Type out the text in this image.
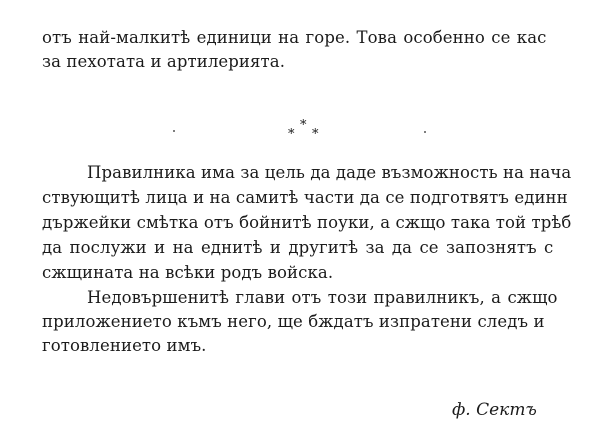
отъ най-малкитѣ единици на горе. Това особенно се кас
за пехотата и артилерията.
*
*
*
Правилника има за цель да даде възможность на нача
ствующитѣ лица и на самитѣ части да се подготвятъ единн
държейки смѣтка отъ бойнитѣ поуки, а сжщо така той трѣб
да послужи и на еднитѣ и другитѣ за да се запознятъ с
сжщината на всѣки родъ войска.
Недовършенитѣ глави отъ този правилникъ, а сжщо
приложението къмъ него, ще бждатъ изпратени следъ и
готовлението имъ.
ф. Сектъ
